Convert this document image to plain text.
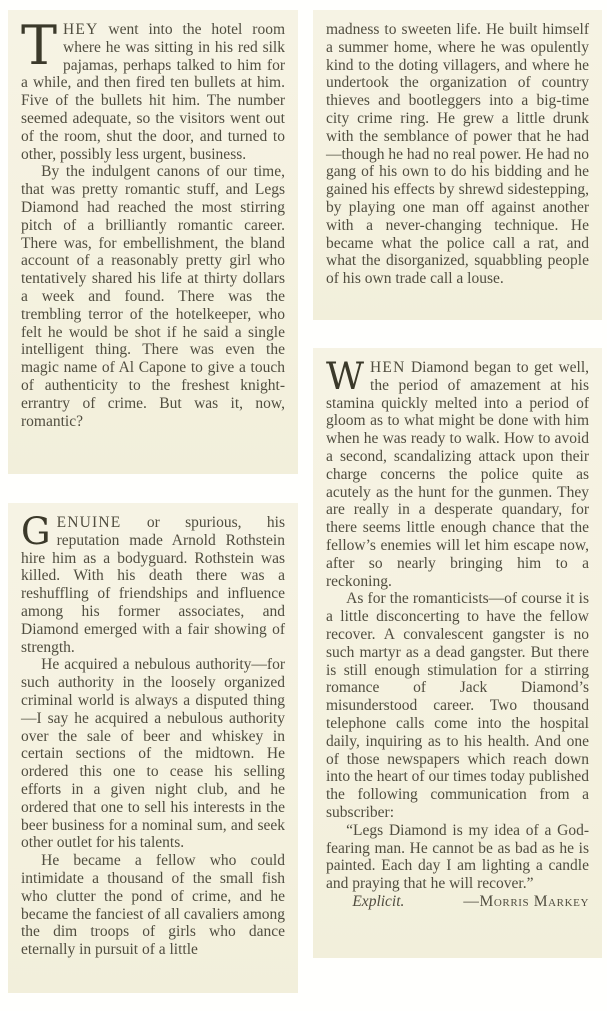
THEY went into the hotel room where he was sitting in his red silk pajamas, perhaps talked to him for a while, and then fired ten bullets at him. Five of the bullets hit him. The number seemed adequate, so the visitors went out of the room, shut the door, and turned to other, possibly less urgent, business.

By the indulgent canons of our time, that was pretty romantic stuff, and Legs Diamond had reached the most stirring pitch of a brilliantly romantic career. There was, for embellishment, the bland account of a reasonably pretty girl who tentatively shared his life at thirty dollars a week and found. There was the trembling terror of the hotelkeeper, who felt he would be shot if he said a single intelligent thing. There was even the magic name of Al Capone to give a touch of authenticity to the freshest knight-errantry of crime. But was it, now, romantic?

GENUINE or spurious, his reputation made Arnold Rothstein hire him as a bodyguard. Rothstein was killed. With his death there was a reshuffling of friendships and influence among his former associates, and Diamond emerged with a fair showing of strength.

He acquired a nebulous authority—for such authority in the loosely organized criminal world is always a disputed thing—I say he acquired a nebulous authority over the sale of beer and whiskey in certain sections of the midtown. He ordered this one to cease his selling efforts in a given night club, and he ordered that one to sell his interests in the beer business for a nominal sum, and seek other outlet for his talents.

He became a fellow who could intimidate a thousand of the small fish who clutter the pond of crime, and he became the fanciest of all cavaliers among the dim troops of girls who dance eternally in pursuit of a little

madness to sweeten life. He built himself a summer home, where he was opulently kind to the doting villagers, and where he undertook the organization of country thieves and bootleggers into a big-time city crime ring. He grew a little drunk with the semblance of power that he had—though he had no real power. He had no gang of his own to do his bidding and he gained his effects by shrewd sidestepping, by playing one man off against another with a never-changing technique. He became what the police call a rat, and what the disorganized, squabbling people of his own trade call a louse.

WHEN Diamond began to get well, the period of amazement at his stamina quickly melted into a period of gloom as to what might be done with him when he was ready to walk. How to avoid a second, scandalizing attack upon their charge concerns the police quite as acutely as the hunt for the gunmen. They are really in a desperate quandary, for there seems little enough chance that the fellow’s enemies will let him escape now, after so nearly bringing him to a reckoning.

As for the romanticists—of course it is a little disconcerting to have the fellow recover. A convalescent gangster is no such martyr as a dead gangster. But there is still enough stimulation for a stirring romance of Jack Diamond’s misunderstood career. Two thousand telephone calls come into the hospital daily, inquiring as to his health. And one of those newspapers which reach down into the heart of our times today published the following communication from a subscriber:

“Legs Diamond is my idea of a God-fearing man. He cannot be as bad as he is painted. Each day I am lighting a candle and praying that he will recover.”

Explicit.	—Morris Markey
